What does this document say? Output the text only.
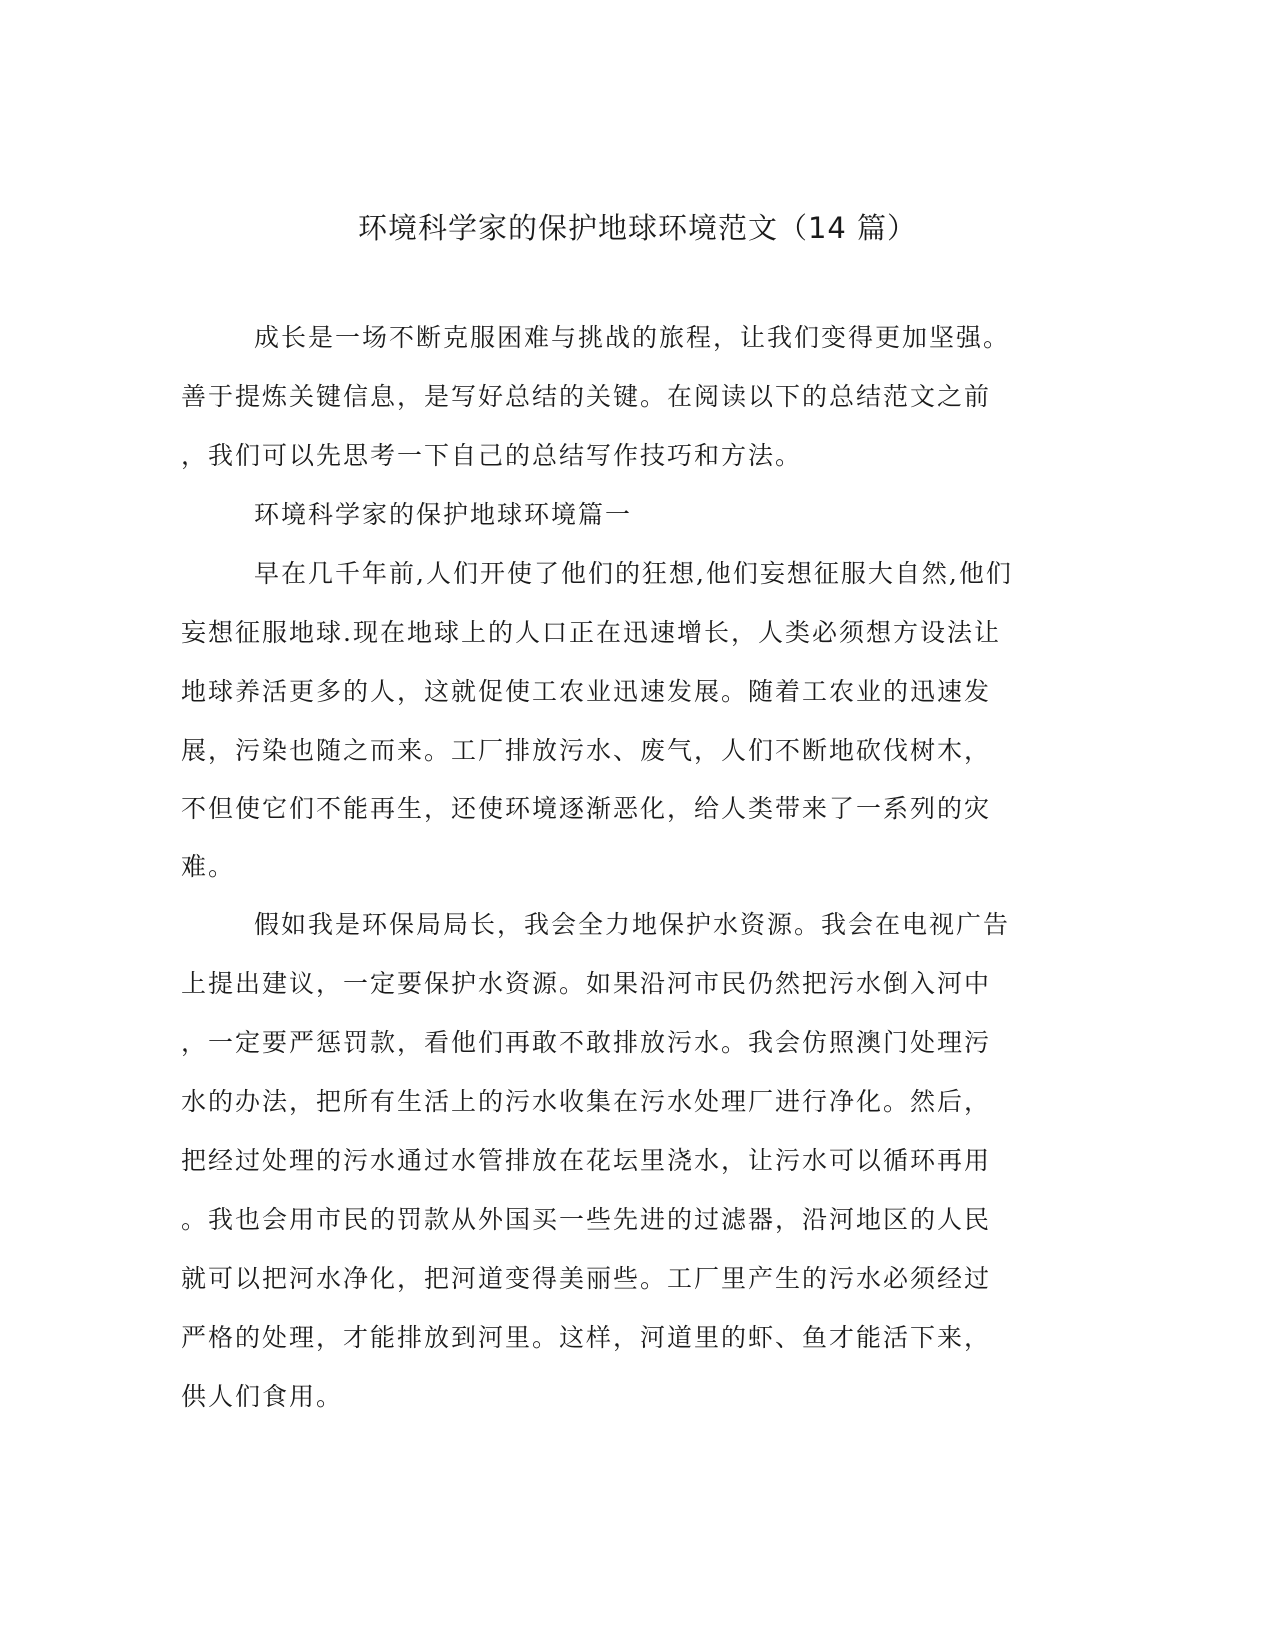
环境科学家的保护地球环境范文（14 篇）
成长是一场不断克服困难与挑战的旅程，让我们变得更加坚强。
善于提炼关键信息，是写好总结的关键。在阅读以下的总结范文之前
，我们可以先思考一下自己的总结写作技巧和方法。
环境科学家的保护地球环境篇一
早在几千年前,人们开使了他们的狂想,他们妄想征服大自然,他们
妄想征服地球.现在地球上的人口正在迅速增长，人类必须想方设法让
地球养活更多的人，这就促使工农业迅速发展。随着工农业的迅速发
展，污染也随之而来。工厂排放污水、废气，人们不断地砍伐树木，
不但使它们不能再生，还使环境逐渐恶化，给人类带来了一系列的灾
难。
假如我是环保局局长，我会全力地保护水资源。我会在电视广告
上提出建议，一定要保护水资源。如果沿河市民仍然把污水倒入河中
，一定要严惩罚款，看他们再敢不敢排放污水。我会仿照澳门处理污
水的办法，把所有生活上的污水收集在污水处理厂进行净化。然后，
把经过处理的污水通过水管排放在花坛里浇水，让污水可以循环再用
。我也会用市民的罚款从外国买一些先进的过滤器，沿河地区的人民
就可以把河水净化，把河道变得美丽些。工厂里产生的污水必须经过
严格的处理，才能排放到河里。这样，河道里的虾、鱼才能活下来，
供人们食用。
